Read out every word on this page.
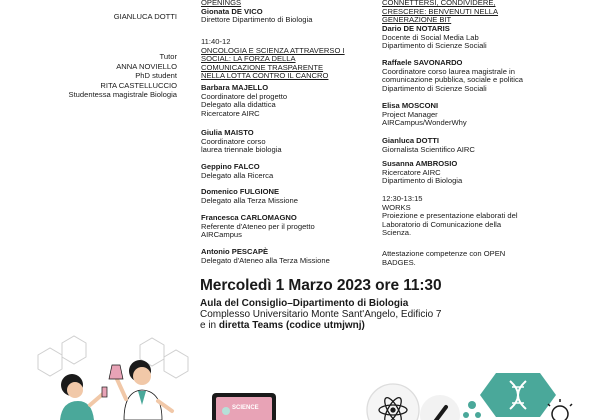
GIANLUCA DOTTI
Tutor
ANNA NOVIELLO
PhD student
RITA CASTELLUCCIO
Studentessa magistrale Biologia
OPENINGS
Gionata DE VICO
Direttore Dipartimento di Biologia
11:40-12
ONCOLOGIA E SCIENZA ATTRAVERSO I
SOCIAL: LA FORZA DELLA
COMUNICAZIONE TRASPARENTE
NELLA LOTTA CONTRO IL CANCRO
Barbara MAJELLO
Coordinatore del progetto
Delegato alla didattica
Ricercatore AIRC
Giulia MAISTO
Coordinatore corso
laurea triennale biologia
Geppino FALCO
Delegato alla Ricerca
Domenico FULGIONE
Delegato alla Terza Missione
Francesca CARLOMAGNO
Referente d'Ateneo per il progetto
AIRCampus
Antonio PESCAPÈ
Delegato d'Ateneo alla Terza Missione
CONNETTERSI, CONDIVIDERE,
CRESCERE: BENVENUTI NELLA
GENERAZIONE BIT
Dario DE NOTARIS
Docente di Social Media Lab
Dipartimento di Scienze Sociali
Raffaele SAVONARDO
Coordinatore corso laurea magistrale in
comunicazione pubblica, sociale e politica
Dipartimento di Scienze Sociali
Elisa MOSCONI
Project Manager
AIRCampus/WonderWhy
Gianluca DOTTI
Giornalista Scientifico AIRC
Susanna AMBROSIO
Ricercatore AIRC
Dipartimento di Biologia
12:30-13:15
WORKS
Proiezione e presentazione elaborati del
Laboratorio di Comunicazione della
Scienza.
Attestazione competenze con OPEN
BADGES.
Mercoledì 1 Marzo 2023 ore 11:30
Aula del Consiglio–Dipartimento di Biologia
Complesso Universitario Monte Sant'Angelo, Edificio 7
e in diretta Teams (codice utmjwnj)
SCIENCE
